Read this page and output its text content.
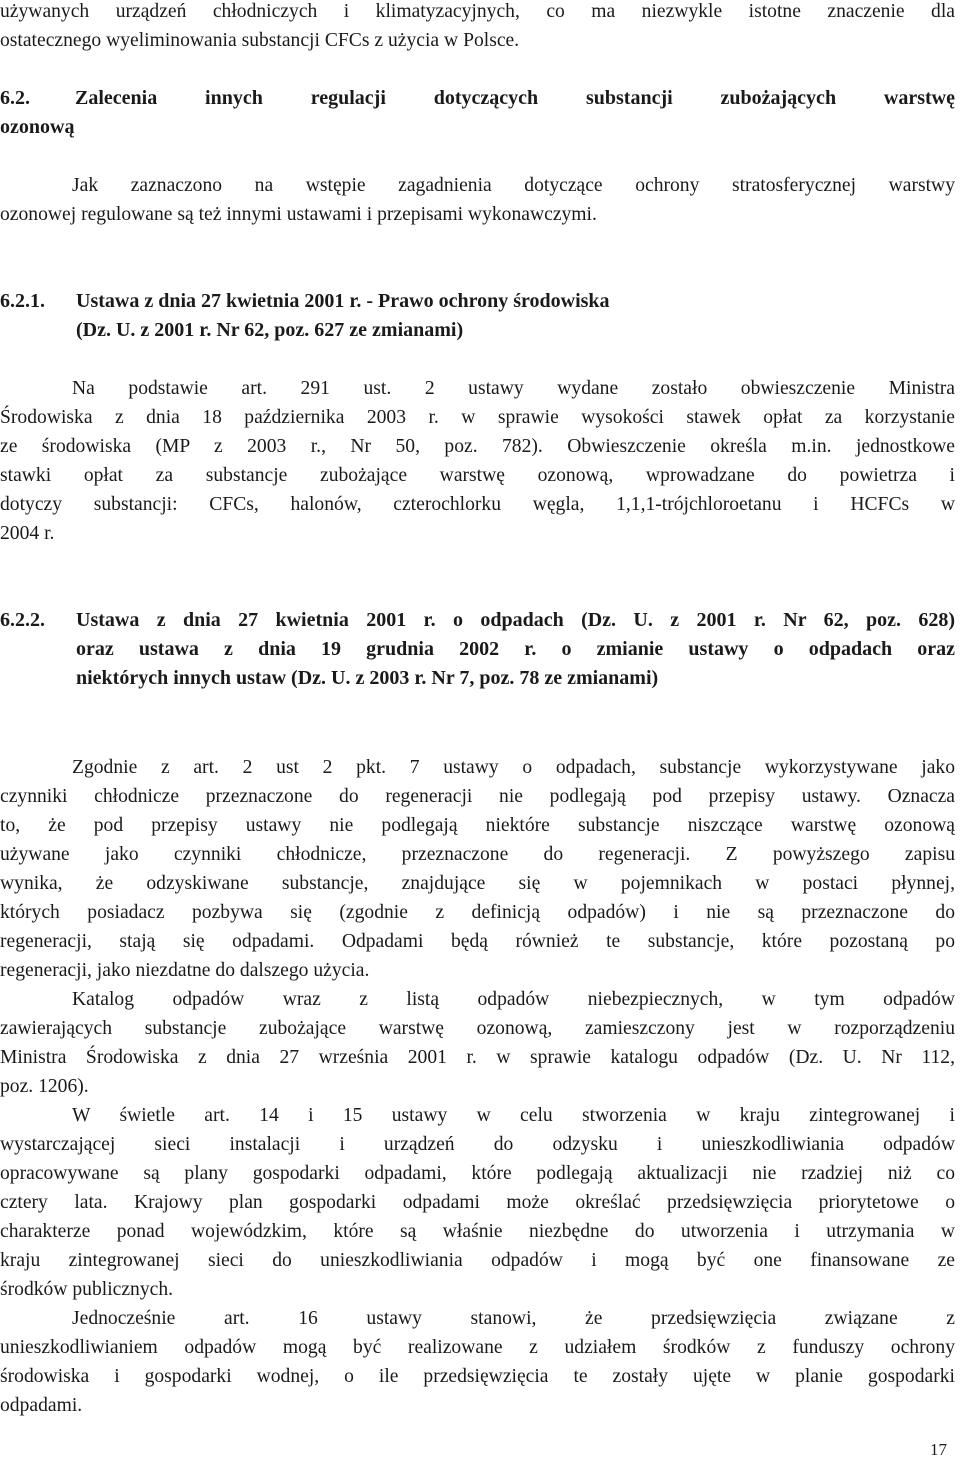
używanych urządzeń chłodniczych i klimatyzacyjnych, co ma niezwykle istotne znaczenie dla
ostatecznego wyeliminowania substancji CFCs z użycia w Polsce.
6.2. Zalecenia innych regulacji dotyczących substancji zubożających warstwę
ozonową
Jak zaznaczono na wstępie zagadnienia dotyczące ochrony stratosferycznej warstwy
ozonowej regulowane są też innymi ustawami i przepisami wykonawczymi.
6.2.1. Ustawa z dnia 27 kwietnia 2001 r. - Prawo ochrony środowiska
(Dz. U. z 2001 r. Nr 62, poz. 627 ze zmianami)
Na podstawie art. 291 ust. 2 ustawy wydane zostało obwieszczenie Ministra
Środowiska z dnia 18 października 2003 r. w sprawie wysokości stawek opłat za korzystanie
ze środowiska (MP z 2003 r., Nr 50, poz. 782). Obwieszczenie określa m.in. jednostkowe
stawki opłat za substancje zubożające warstwę ozonową, wprowadzane do powietrza i
dotyczy substancji: CFCs, halonów, czterochlorku węgla, 1,1,1-trójchloroetanu i HCFCs w
2004 r.
6.2.2. Ustawa z dnia 27 kwietnia 2001 r. o odpadach (Dz. U. z 2001 r. Nr 62, poz. 628)
oraz ustawa z dnia 19 grudnia 2002 r. o zmianie ustawy o odpadach oraz
niektórych innych ustaw (Dz. U. z 2003 r. Nr 7, poz. 78 ze zmianami)
Zgodnie z art. 2 ust 2 pkt. 7 ustawy o odpadach, substancje wykorzystywane jako
czynniki chłodnicze przeznaczone do regeneracji nie podlegają pod przepisy ustawy. Oznacza
to, że pod przepisy ustawy nie podlegają niektóre substancje niszczące warstwę ozonową
używane jako czynniki chłodnicze, przeznaczone do regeneracji. Z powyższego zapisu
wynika, że odzyskiwane substancje, znajdujące się w pojemnikach w postaci płynnej,
których posiadacz pozbywa się (zgodnie z definicją odpadów) i nie są przeznaczone do
regeneracji, stają się odpadami. Odpadami będą również te substancje, które pozostaną po
regeneracji, jako niezdatne do dalszego użycia.
Katalog odpadów wraz z listą odpadów niebezpiecznych, w tym odpadów
zawierających substancje zubożające warstwę ozonową, zamieszczony jest w rozporządzeniu
Ministra Środowiska z dnia 27 września 2001 r. w sprawie katalogu odpadów (Dz. U. Nr 112,
poz. 1206).
W świetle art. 14 i 15 ustawy w celu stworzenia w kraju zintegrowanej i
wystarczającej sieci instalacji i urządzeń do odzysku i unieszkodliwiania odpadów
opracowywane są plany gospodarki odpadami, które podlegają aktualizacji nie rzadziej niż co
cztery lata. Krajowy plan gospodarki odpadami może określać przedsięwzięcia priorytetowe o
charakterze ponad wojewódzkim, które są właśnie niezbędne do utworzenia i utrzymania w
kraju zintegrowanej sieci do unieszkodliwiania odpadów i mogą być one finansowane ze
środków publicznych.
Jednocześnie art. 16 ustawy stanowi, że przedsięwzięcia związane z
unieszkodliwianiem odpadów mogą być realizowane z udziałem środków z funduszy ochrony
środowiska i gospodarki wodnej, o ile przedsięwzięcia te zostały ujęte w planie gospodarki
odpadami.
17
